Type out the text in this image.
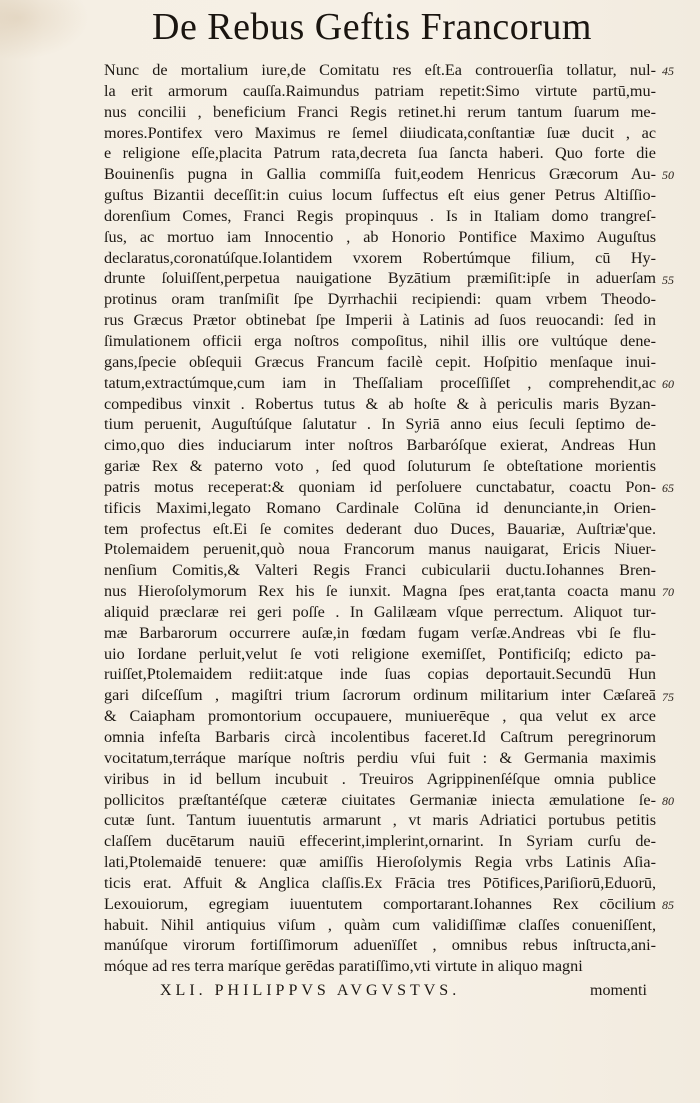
De Rebus Geftis Francorum
Nunc de mortalium iure,de Comitatu res eſt.Ea controuerſia tollatur, nul-
la erit armorum cauſſa.Raimundus patriam repetit:Simo virtute partū,mu-
nus concilii , beneficium Franci Regis retinet.hi rerum tantum ſuarum me-
mores.Pontifex vero Maximus re ſemel diiudicata,conſtantiæ ſuæ ducit , ac
e religione eſſe,placita Patrum rata,decreta ſua ſancta haberi. Quo forte die
Bouinenſis pugna in Gallia commiſſa fuit,eodem Henricus Græcorum Au-
guſtus Bizantii deceſſit:in cuius locum ſuffectus eſt eius gener Petrus Altiſſio-
dorenſium Comes, Franci Regis propinquus . Is in Italiam domo trangreſ-
ſus, ac mortuo iam Innocentio , ab Honorio Pontifice Maximo Auguſtus
declaratus,coronatúſque.Iolantidem vxorem Robertúmque filium, cū Hy-
drunte ſoluiſſent,perpetua nauigatione Byzātium præmiſit:ipſe in aduerſam
protinus oram tranſmiſit ſpe Dyrrhachii recipiendi: quam vrbem Theodo-
rus Græcus Prætor obtinebat ſpe Imperii à Latinis ad ſuos reuocandi: ſed in
ſimulationem officii erga noſtros compoſitus, nihil illis ore vultúque dene-
gans,ſpecie obſequii Græcus Francum facilè cepit. Hoſpitio menſaque inui-
tatum,extractúmque,cum iam in Theſſaliam proceſſiſſet , comprehendit,ac
compedibus vinxit . Robertus tutus & ab hoſte & à periculis maris Byzan-
tium peruenit, Auguſtúſque ſalutatur . In Syriā anno eius ſeculi ſeptimo de-
cimo,quo dies induciarum inter noſtros Barbaróſque exierat, Andreas Hun
gariæ Rex & paterno voto , ſed quod ſoluturum ſe obteſtatione morientis
patris motus receperat:& quoniam id perſoluere cunctabatur, coactu Pon-
tificis Maximi,legato Romano Cardinale Colūna id denunciante,in Orien-
tem profectus eſt.Ei ſe comites dederant duo Duces, Bauariæ, Auſtriæ'que.
Ptolemaidem peruenit,quò noua Francorum manus nauigarat, Ericis Niuer-
nenſium Comitis,& Valteri Regis Franci cubicularii ductu.Iohannes Bren-
nus Hieroſolymorum Rex his ſe iunxit. Magna ſpes erat,tanta coacta manu
aliquid præclaræ rei geri poſſe . In Galilæam vſque perrectum. Aliquot tur-
mæ Barbarorum occurrere auſæ,in fœdam fugam verſæ.Andreas vbi ſe flu-
uio Iordane perluit,velut ſe voti religione exemiſſet, Pontificiſq; edicto pa-
ruiſſet,Ptolemaidem rediit:atque inde ſuas copias deportauit.Secundū Hun
gari diſceſſum , magiſtri trium ſacrorum ordinum militarium inter Cæſareā
& Caiapham promontorium occupauere, muniuerēque , qua velut ex arce
omnia infeſta Barbaris circà incolentibus faceret.Id Caſtrum peregrinorum
vocitatum,terráque maríque noſtris perdiu vſui fuit : & Germania maximis
viribus in id bellum incubuit . Treuiros Agrippinenſéſque omnia publice
pollicitos præſtantéſque cæteræ ciuitates Germaniæ iniecta æmulatione ſe-
cutæ ſunt. Tantum iuuentutis armarunt , vt maris Adriatici portubus petitis
claſſem ducētarum nauiū effecerint,implerint,ornarint. In Syriam curſu de-
lati,Ptolemaidē tenuere: quæ amiſſis Hieroſolymis Regia vrbs Latinis Aſia-
ticis erat. Affuit & Anglica claſſis.Ex Frācia tres Pōtifices,Pariſiorū,Eduorū,
Lexouiorum, egregiam iuuentutem comportarant.Iohannes Rex cōcilium
habuit. Nihil antiquius viſum , quàm cum validiſſimæ claſſes conueniſſent,
manúſque virorum fortiſſimorum aduenïſſet , omnibus rebus inſtructa,ani-
móque ad res terra maríque gerēdas paratiſſimo,vti virtute in aliquo magni
45
50
55
60
65
70
75
80
85
XLI. PHILIPPVS AVGVSTVS.	momenti
